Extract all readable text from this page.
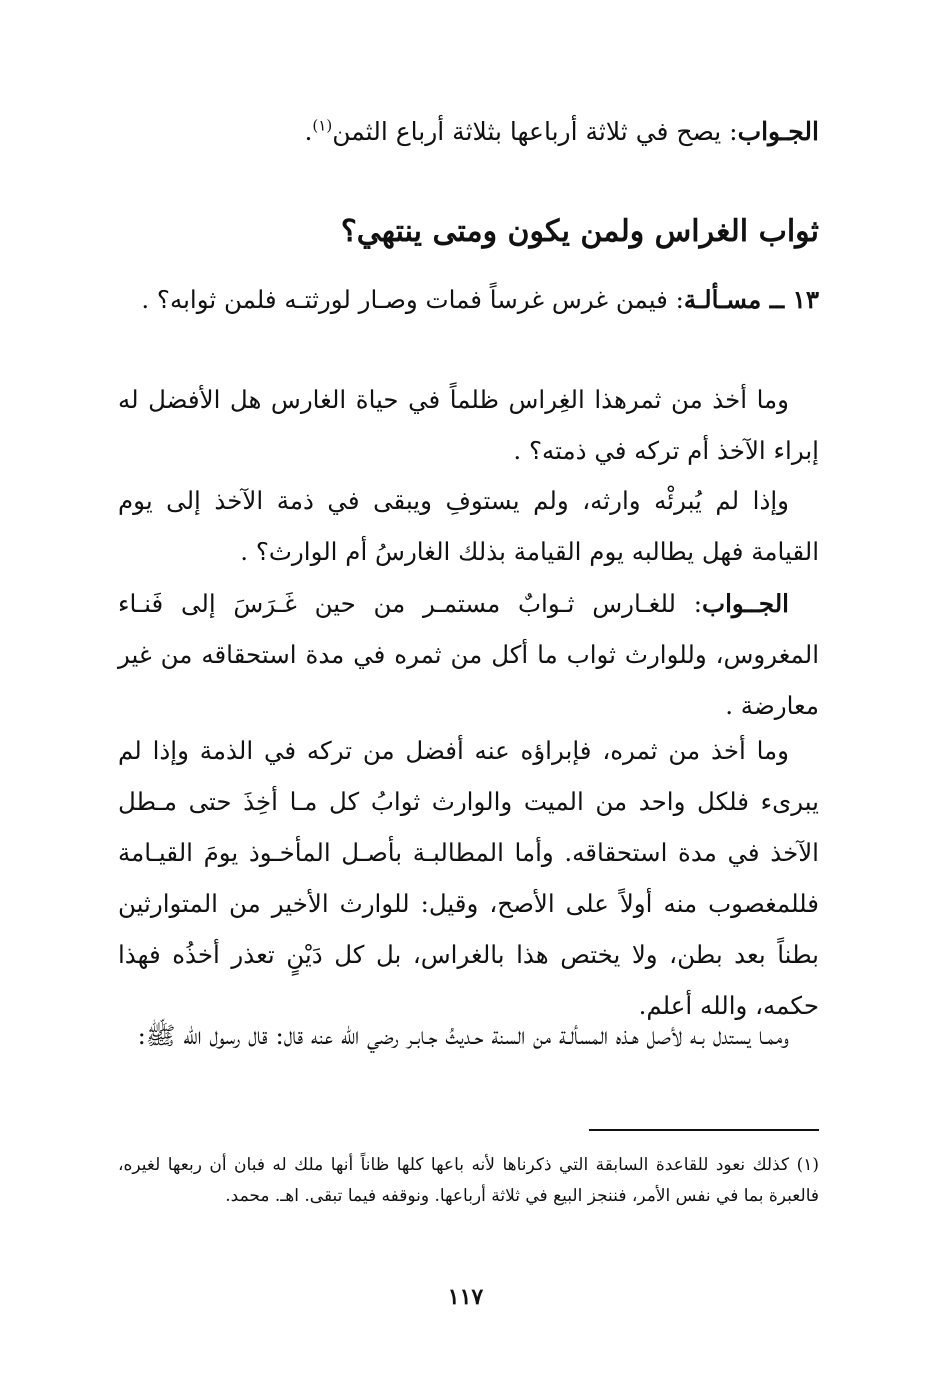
الجـواب: يصح في ثلاثة أرباعها بثلاثة أرباع الثمن$^{(١)}$.
ثواب الغراس ولمن يكون ومتى ينتهي؟
١٣ ــ مسـألـة: فيمن غرس غرساً فمات وصـار لورثتـه فلمن ثوابه؟ .
وما أخذ من ثمرهذا الغِراس ظلماً في حياة الغارس هل الأفضل له إبراء الآخذ أم تركه في ذمته؟ .
وإذا لم يُبرئْه وارثه، ولم يستوفِ ويبقى في ذمة الآخذ إلى يوم القيامة فهل يطالبه يوم القيامة بذلك الغارسُ أم الوارث؟ .
الجــواب: للغـارس ثـوابٌ مستمـر من حين غَـرَسَ إلى فَنـاء المغروس، وللوارث ثواب ما أكل من ثمره في مدة استحقاقه من غير معارضة .
وما أخذ من ثمره، فإبراؤه عنه أفضل من تركه في الذمة وإذا لم يبرىء فلكل واحد من الميت والوارث ثوابُ كل مـا أخِذَ حتى مـطل الآخذ في مدة استحقاقه. وأما المطالبـة بأصـل المأخـوذ يومَ القيـامة فللمغصوب منه أولاً على الأصح، وقيل: للوارث الأخير من المتوارثين بطناً بعد بطن، ولا يختص هذا بالغراس، بل كل دَيْنٍ تعذر أخذُه فهذا حكمه، والله أعلم.
وممـا يستدل بـه لأصل هـذه المسألـة من السنة حـديثُ جـابـر رضي الله عنه قال: قال رسول الله ﷺ:
(١) كذلك نعود للقاعدة السابقة التي ذكرناها لأنه باعها كلها ظاناً أنها ملك له فبان أن ربعها لغيره، فالعبرة بما في نفس الأمر، فننجز البيع في ثلاثة أرباعها. ونوقفه فيما تبقى. اهـ. محمد.
١١٧
